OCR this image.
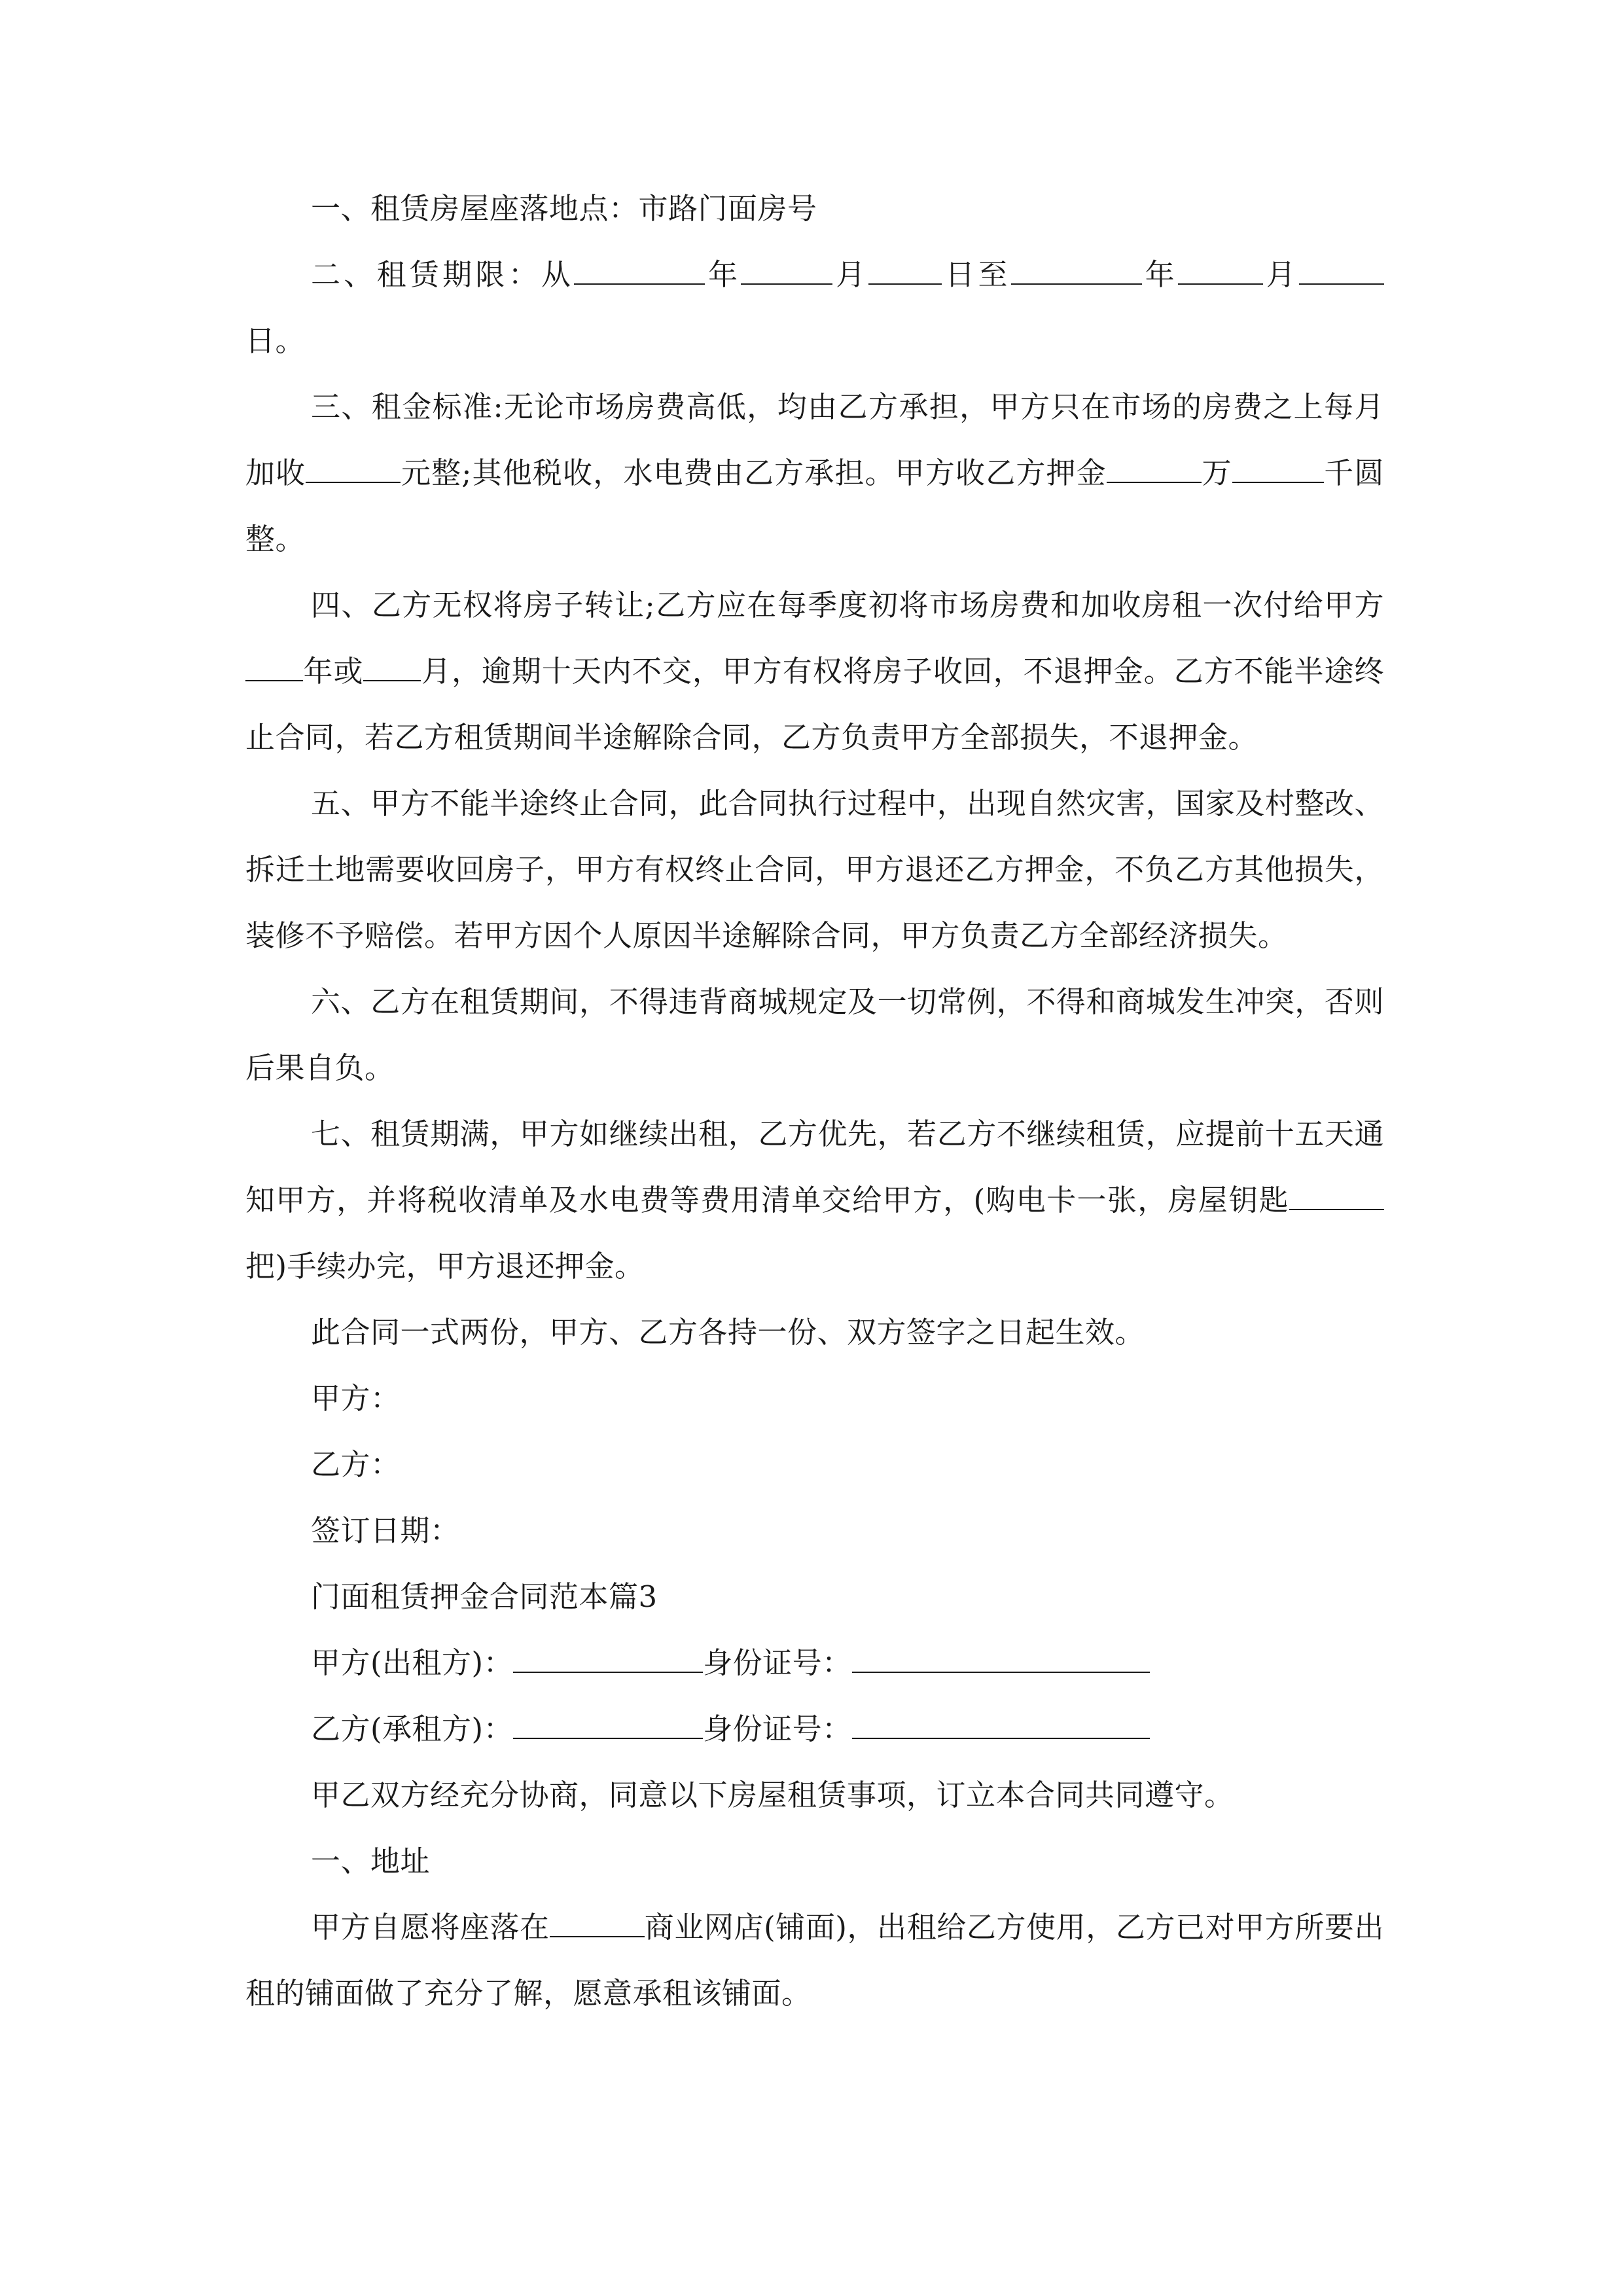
一、租赁房屋座落地点：市路门面房号

二、租赁期限：从	年	月 日至	年	月日。

三、租金标准:无论市场房费高低，均由乙方承担，甲方只在市场的房费之上每月加收	元整;其他税收，水电费由乙方承担。甲方收乙方押金	万	千圆整。

四、乙方无权将房子转让;乙方应在每季度初将市场房费和加收房租一次付给甲方年或 月，逾期十天内不交，甲方有权将房子收回，不退押金。乙方不能半途终止合同，若乙方租赁期间半途解除合同，乙方负责甲方全部损失，不退押金。

五、甲方不能半途终止合同，此合同执行过程中，出现自然灾害，国家及村整改、拆迁土地需要收回房子，甲方有权终止合同，甲方退还乙方押金，不负乙方其他损失，装修不予赔偿。若甲方因个人原因半途解除合同，甲方负责乙方全部经济损失。

六、乙方在租赁期间，不得违背商城规定及一切常例，不得和商城发生冲突，否则后果自负。

七、租赁期满，甲方如继续出租，乙方优先，若乙方不继续租赁，应提前十五天通知甲方，并将税收清单及水电费等费用清单交给甲方，(购电卡一张，房屋钥匙把)手续办完，甲方退还押金。

此合同一式两份，甲方、乙方各持一份、双方签字之日起生效。

甲方：

乙方：

签订日期：

门面租赁押金合同范本篇3

甲方(出租方)：	身份证号：

乙方(承租方)：	身份证号：

甲乙双方经充分协商，同意以下房屋租赁事项，订立本合同共同遵守。

一、地址

甲方自愿将座落在	商业网店(铺面)，出租给乙方使用，乙方已对甲方所要出租的铺面做了充分了解，愿意承租该铺面。
